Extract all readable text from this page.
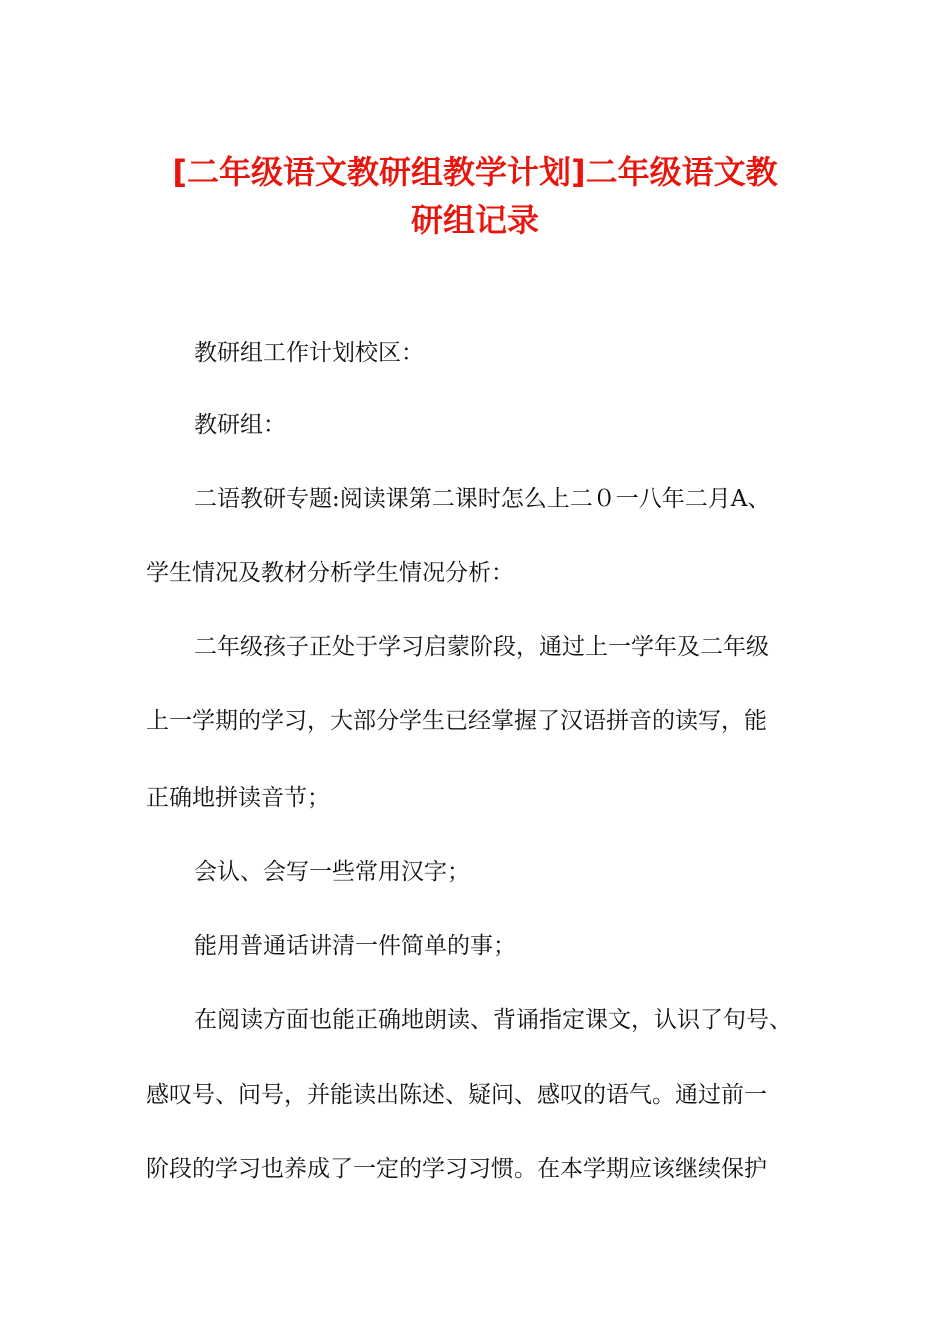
[二年级语文教研组教学计划]二年级语文教
研组记录

教研组工作计划校区：

教研组：

二语教研专题:阅读课第二课时怎么上二０一八年二月A、

学生情况及教材分析学生情况分析：

二年级孩子正处于学习启蒙阶段，通过上一学年及二年级

上一学期的学习，大部分学生已经掌握了汉语拼音的读写，能

正确地拼读音节；

会认、会写一些常用汉字；

能用普通话讲清一件简单的事；

在阅读方面也能正确地朗读、背诵指定课文，认识了句号、

感叹号、问号，并能读出陈述、疑问、感叹的语气。通过前一

阶段的学习也养成了一定的学习习惯。在本学期应该继续保护
